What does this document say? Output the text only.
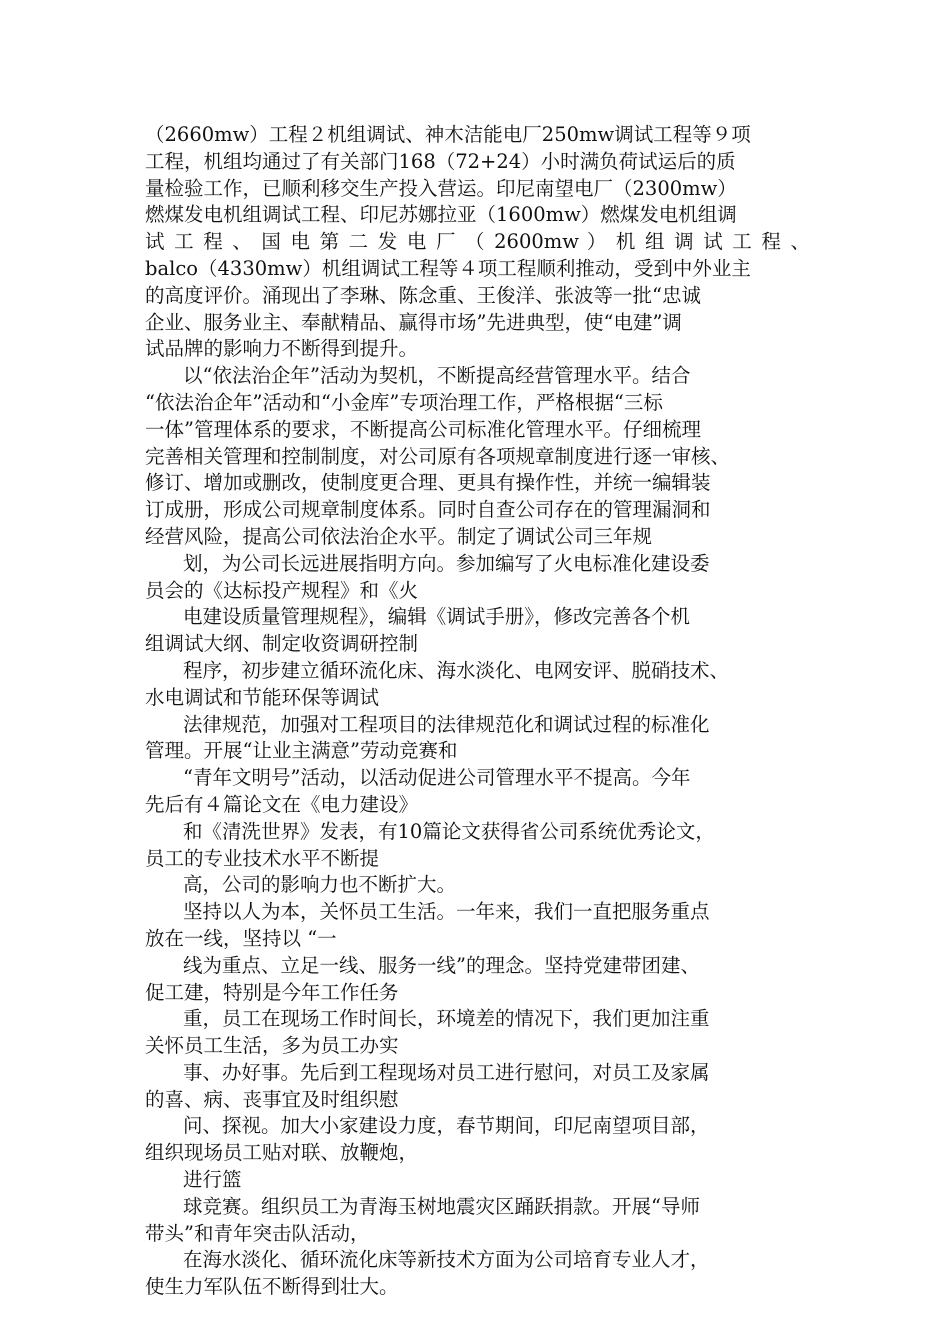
（2660mw）工程２机组调试、神木洁能电厂250mw调试工程等９项
工程，机组均通过了有关部门168（72+24）小时满负荷试运后的质
量检验工作，已顺利移交生产投入营运。印尼南望电厂（2300mw）
燃煤发电机组调试工程、印尼苏娜拉亚（1600mw）燃煤发电机组调
试 工 程 、 国 电 第 二 发 电 厂 （ 2600mw ） 机 组 调 试 工 程 、
balco（4330mw）机组调试工程等４项工程顺利推动，受到中外业主
的高度评价。涌现出了李琳、陈念重、王俊洋、张波等一批“忠诚
企业、服务业主、奉献精品、赢得市场”先进典型，使“电建”调
试品牌的影响力不断得到提升。
以“依法治企年”活动为契机，不断提高经营管理水平。结合
“依法治企年”活动和“小金库”专项治理工作，严格根据“三标
一体”管理体系的要求，不断提高公司标准化管理水平。仔细梳理
完善相关管理和控制制度，对公司原有各项规章制度进行逐一审核、
修订、增加或删改，使制度更合理、更具有操作性，并统一编辑装
订成册，形成公司规章制度体系。同时自查公司存在的管理漏洞和
经营风险，提高公司依法治企水平。制定了调试公司三年规
划，为公司长远进展指明方向。参加编写了火电标准化建设委
员会的《达标投产规程》和《火
电建设质量管理规程》，编辑《调试手册》，修改完善各个机
组调试大纲、制定收资调研控制
程序，初步建立循环流化床、海水淡化、电网安评、脱硝技术、
水电调试和节能环保等调试
法律规范，加强对工程项目的法律规范化和调试过程的标准化
管理。开展“让业主满意”劳动竞赛和
“青年文明号”活动，以活动促进公司管理水平不提高。今年
先后有４篇论文在《电力建设》
和《清洗世界》发表，有10篇论文获得省公司系统优秀论文，
员工的专业技术水平不断提
高，公司的影响力也不断扩大。
坚持以人为本，关怀员工生活。一年来，我们一直把服务重点
放在一线，坚持以 “一
线为重点、立足一线、服务一线”的理念。坚持党建带团建、
促工建，特别是今年工作任务
重，员工在现场工作时间长，环境差的情况下，我们更加注重
关怀员工生活，多为员工办实
事、办好事。先后到工程现场对员工进行慰问，对员工及家属
的喜、病、丧事宜及时组织慰
问、探视。加大小家建设力度，春节期间，印尼南望项目部，
组织现场员工贴对联、放鞭炮，
进行篮
球竞赛。组织员工为青海玉树地震灾区踊跃捐款。开展“导师
带头”和青年突击队活动，
在海水淡化、循环流化床等新技术方面为公司培育专业人才，
使生力军队伍不断得到壮大。
